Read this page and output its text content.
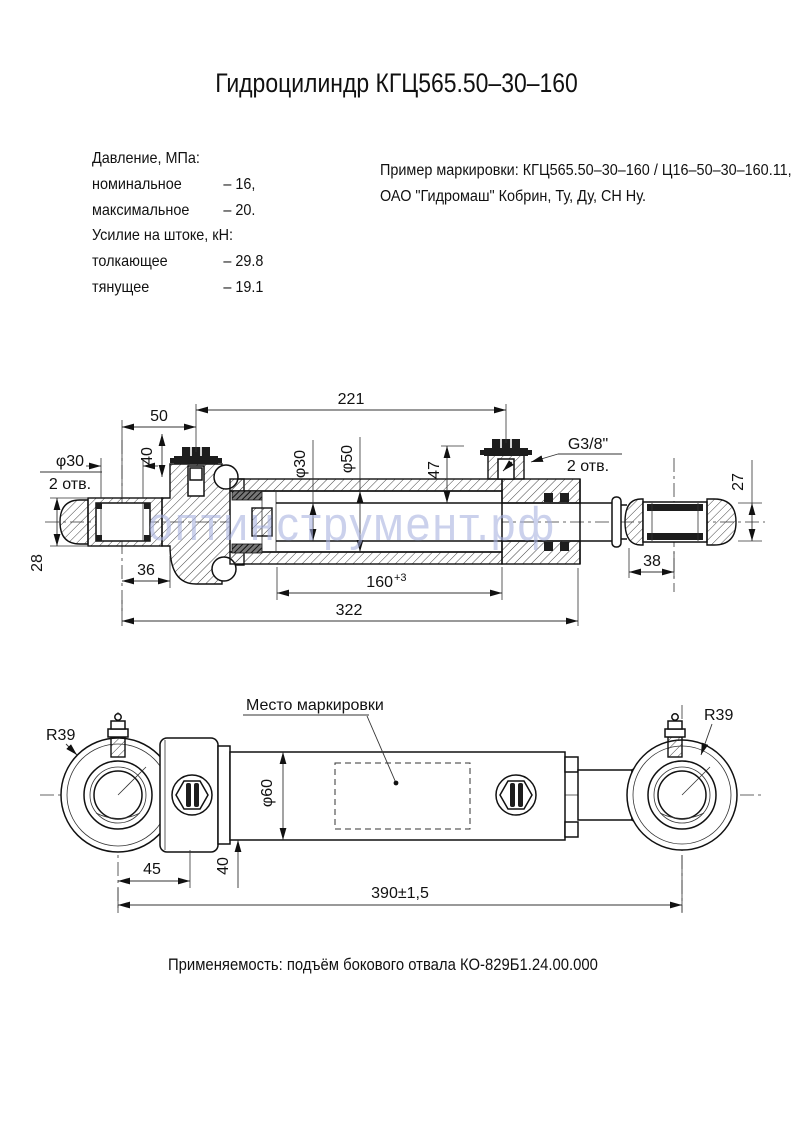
Гидроцилиндр КГЦ565.50–30–160
Давление, МПа:
номинальное	– 16,
максимальное – 20.
Усилие на штоке, кН:
толкающее	– 29.8
тянущее	– 19.1
Пример маркировки: КГЦ565.50–30–160 / Ц16–50–30–160.11,
ОАО "Гидромаш" Кобрин, Ту, Ду, СН Ну.
221
50
40	φ30 φ50	47
G3/8"
2 отв.
27
φ30
2 отв.
28	36
160 +3
322
38
оптинструмент.рф
Место маркировки
R39
R39
φ60
45	40
390±1,5
Применяемость: подъём бокового отвала КО-829Б1.24.00.000
